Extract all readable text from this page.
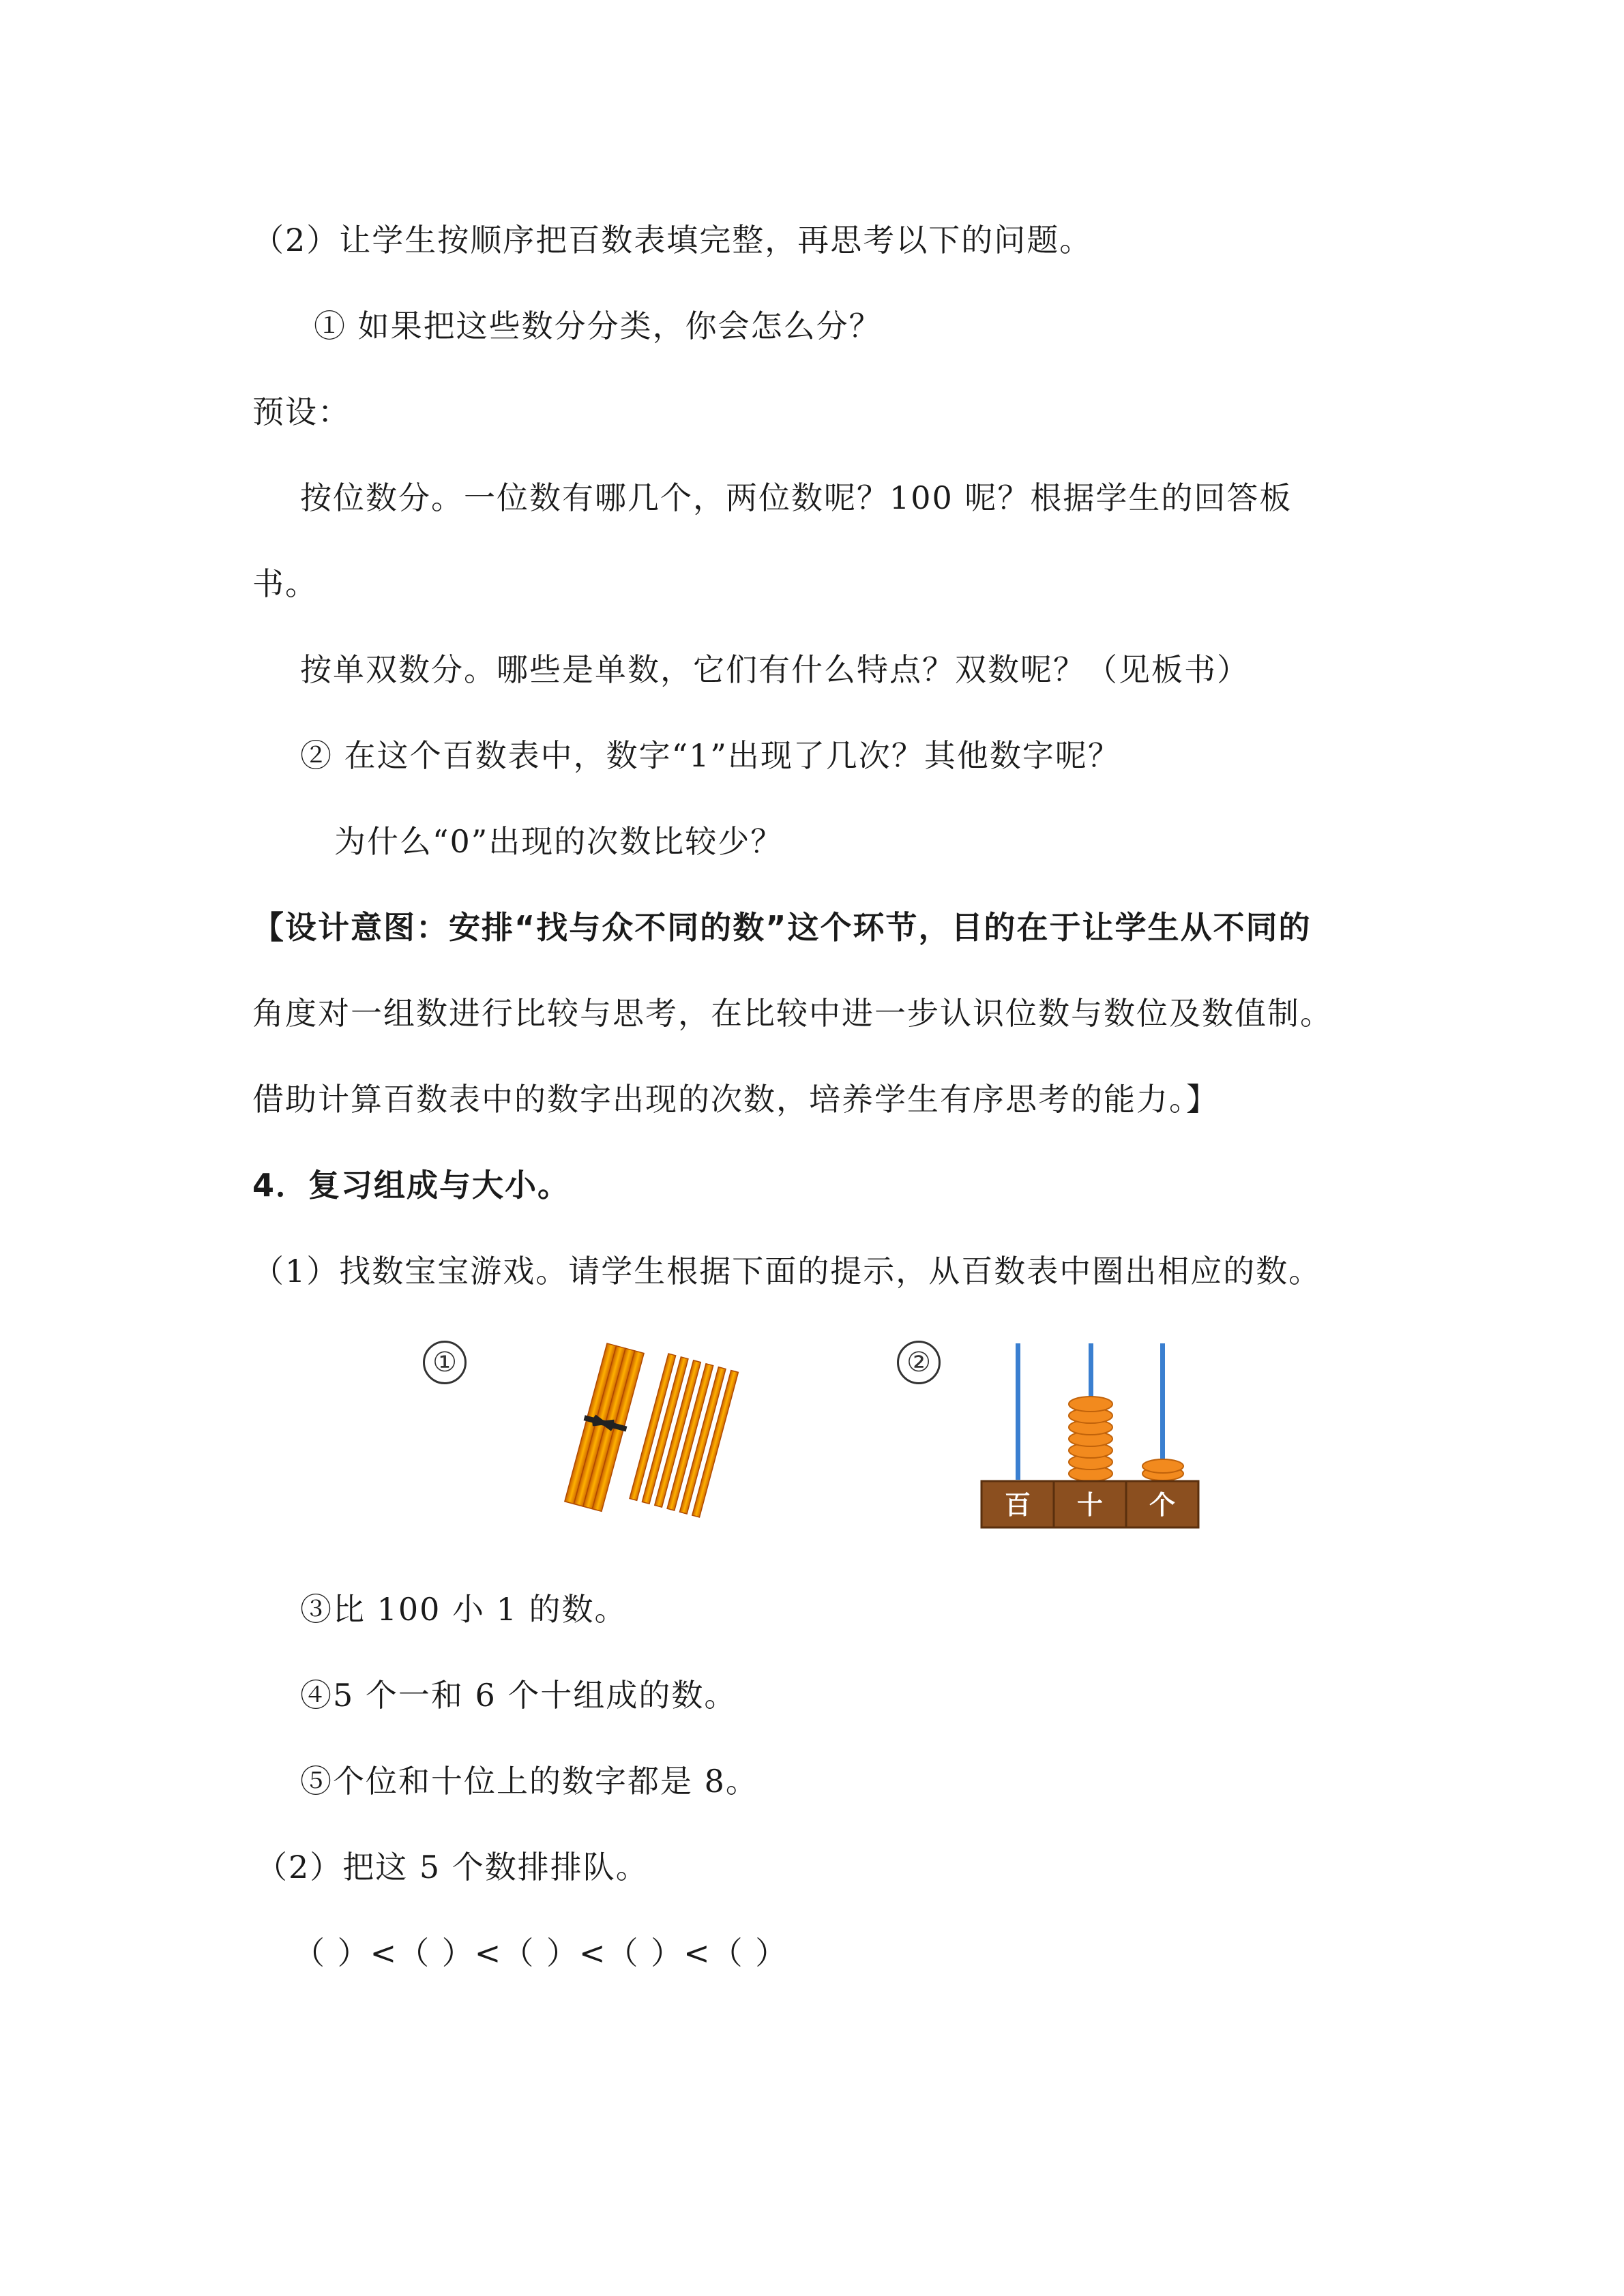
（2）让学生按顺序把百数表填完整，再思考以下的问题。
① 如果把这些数分分类，你会怎么分？
预设：
按位数分。一位数有哪几个，两位数呢？100 呢？根据学生的回答板
书。
按单双数分。哪些是单数，它们有什么特点？双数呢？（见板书）
② 在这个百数表中，数字“1”出现了几次？其他数字呢？
为什么“0”出现的次数比较少？
【设计意图：安排“找与众不同的数”这个环节，目的在于让学生从不同的
角度对一组数进行比较与思考，在比较中进一步认识位数与数位及数值制。
借助计算百数表中的数字出现的次数，培养学生有序思考的能力。】
4．复习组成与大小。
（1）找数宝宝游戏。请学生根据下面的提示，从百数表中圈出相应的数。
①	②
百 十 个
③比 100 小 1 的数。
④5 个一和 6 个十组成的数。
⑤个位和十位上的数字都是 8。
（2）把这 5 个数排排队。
（ ）<（ ）<（ ）<（ ）<（ ）
